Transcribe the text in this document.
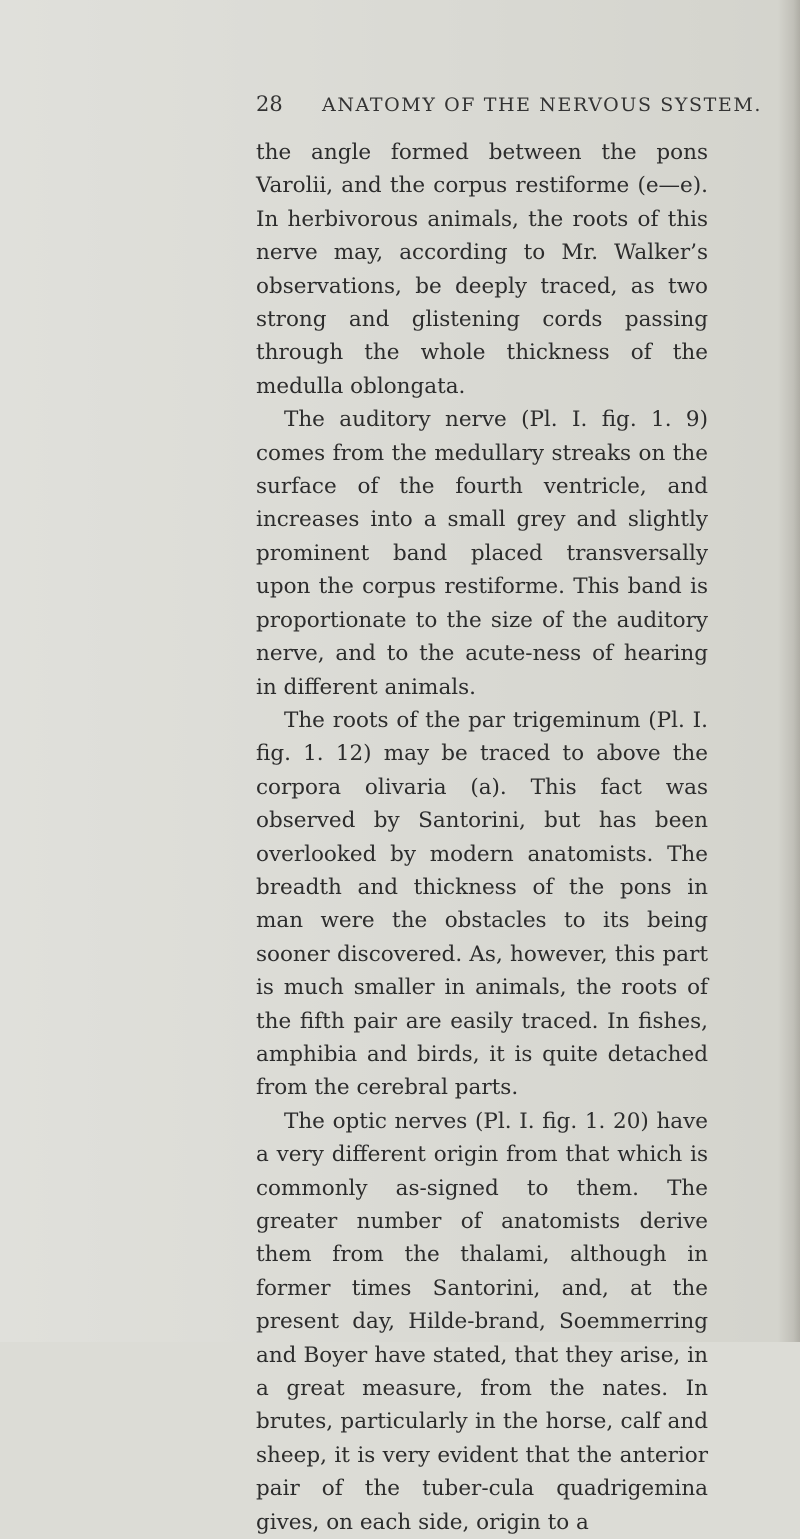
28 ANATOMY OF THE NERVOUS SYSTEM.

the angle formed between the pons Varolii, and the corpus restiforme (e—e). In herbivorous animals, the roots of this nerve may, according to Mr. Walker’s observations, be deeply traced, as two strong and glistening cords passing through the whole thickness of the medulla oblongata.

The auditory nerve (Pl. I. fig. 1. 9) comes from the medullary streaks on the surface of the fourth ventricle, and increases into a small grey and slightly prominent band placed transversally upon the corpus restiforme. This band is proportionate to the size of the auditory nerve, and to the acute-ness of hearing in different animals.

The roots of the par trigeminum (Pl. I. fig. 1. 12) may be traced to above the corpora olivaria (a). This fact was observed by Santorini, but has been overlooked by modern anatomists. The breadth and thickness of the pons in man were the obstacles to its being sooner discovered. As, however, this part is much smaller in animals, the roots of the fifth pair are easily traced. In fishes, amphibia and birds, it is quite detached from the cerebral parts.

The optic nerves (Pl. I. fig. 1. 20) have a very different origin from that which is commonly as-signed to them. The greater number of anatomists derive them from the thalami, although in former times Santorini, and, at the present day, Hilde-brand, Soemmerring and Boyer have stated, that they arise, in a great measure, from the nates. In brutes, particularly in the horse, calf and sheep, it is very evident that the anterior pair of the tuber-cula quadrigemina gives, on each side, origin to a
